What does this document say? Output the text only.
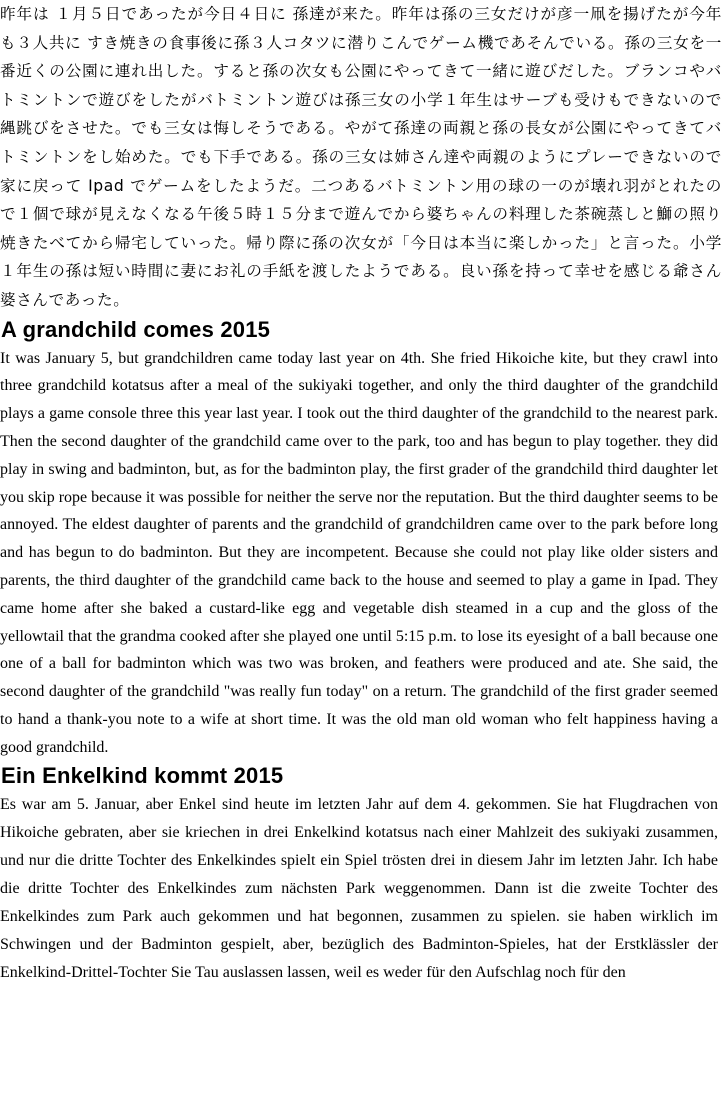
昨年は １月５日であったが今日４日に 孫達が来た。昨年は孫の三女だけが彦一凧を揚げたが今年も３人共に すき焼きの食事後に孫３人コタツに潜りこんでゲーム機であそんでいる。孫の三女を一番近くの公園に連れ出した。すると孫の次女も公園にやってきて一緒に遊びだした。ブランコやバトミントンで遊びをしたがバトミントン遊びは孫三女の小学１年生はサーブも受けもできないので縄跳びをさせた。でも三女は悔しそうである。やがて孫達の両親と孫の長女が公園にやってきてバトミントンをし始めた。でも下手である。孫の三女は姉さん達や両親のようにプレーできないので家に戻って Ipad でゲームをしたようだ。二つあるバトミントン用の球の一のが壊れ羽がとれたので１個で球が見えなくなる午後５時１５分まで遊んでから婆ちゃんの料理した茶碗蒸しと鰤の照り焼きたべてから帰宅していった。帰り際に孫の次女が「今日は本当に楽しかった」と言った。小学１年生の孫は短い時間に妻にお礼の手紙を渡したようである。良い孫を持って幸せを感じる爺さん婆さんであった。

A grandchild comes 2015

It was January 5, but grandchildren came today last year on 4th. She fried Hikoiche kite, but they crawl into three grandchild kotatsus after a meal of the sukiyaki together, and only the third daughter of the grandchild plays a game console three this year last year. I took out the third daughter of the grandchild to the nearest park. Then the second daughter of the grandchild came over to the park, too and has begun to play together. they did play in swing and badminton, but, as for the badminton play, the first grader of the grandchild third daughter let you skip rope because it was possible for neither the serve nor the reputation. But the third daughter seems to be annoyed. The eldest daughter of parents and the grandchild of grandchildren came over to the park before long and has begun to do badminton. But they are incompetent. Because she could not play like older sisters and parents, the third daughter of the grandchild came back to the house and seemed to play a game in Ipad. They came home after she baked a custard-like egg and vegetable dish steamed in a cup and the gloss of the yellowtail that the grandma cooked after she played one until 5:15 p.m. to lose its eyesight of a ball because one one of a ball for badminton which was two was broken, and feathers were produced and ate. She said, the second daughter of the grandchild "was really fun today" on a return. The grandchild of the first grader seemed to hand a thank-you note to a wife at short time. It was the old man old woman who felt happiness having a good grandchild.

Ein Enkelkind kommt 2015

Es war am 5. Januar, aber Enkel sind heute im letzten Jahr auf dem 4. gekommen. Sie hat Flugdrachen von Hikoiche gebraten, aber sie kriechen in drei Enkelkind kotatsus nach einer Mahlzeit des sukiyaki zusammen, und nur die dritte Tochter des Enkelkindes spielt ein Spiel trösten drei in diesem Jahr im letzten Jahr. Ich habe die dritte Tochter des Enkelkindes zum nächsten Park weggenommen. Dann ist die zweite Tochter des Enkelkindes zum Park auch gekommen und hat begonnen, zusammen zu spielen. sie haben wirklich im Schwingen und der Badminton gespielt, aber, bezüglich des Badminton-Spieles, hat der Erstklässler der Enkelkind-Drittel-Tochter Sie Tau auslassen lassen, weil es weder für den Aufschlag noch für den
